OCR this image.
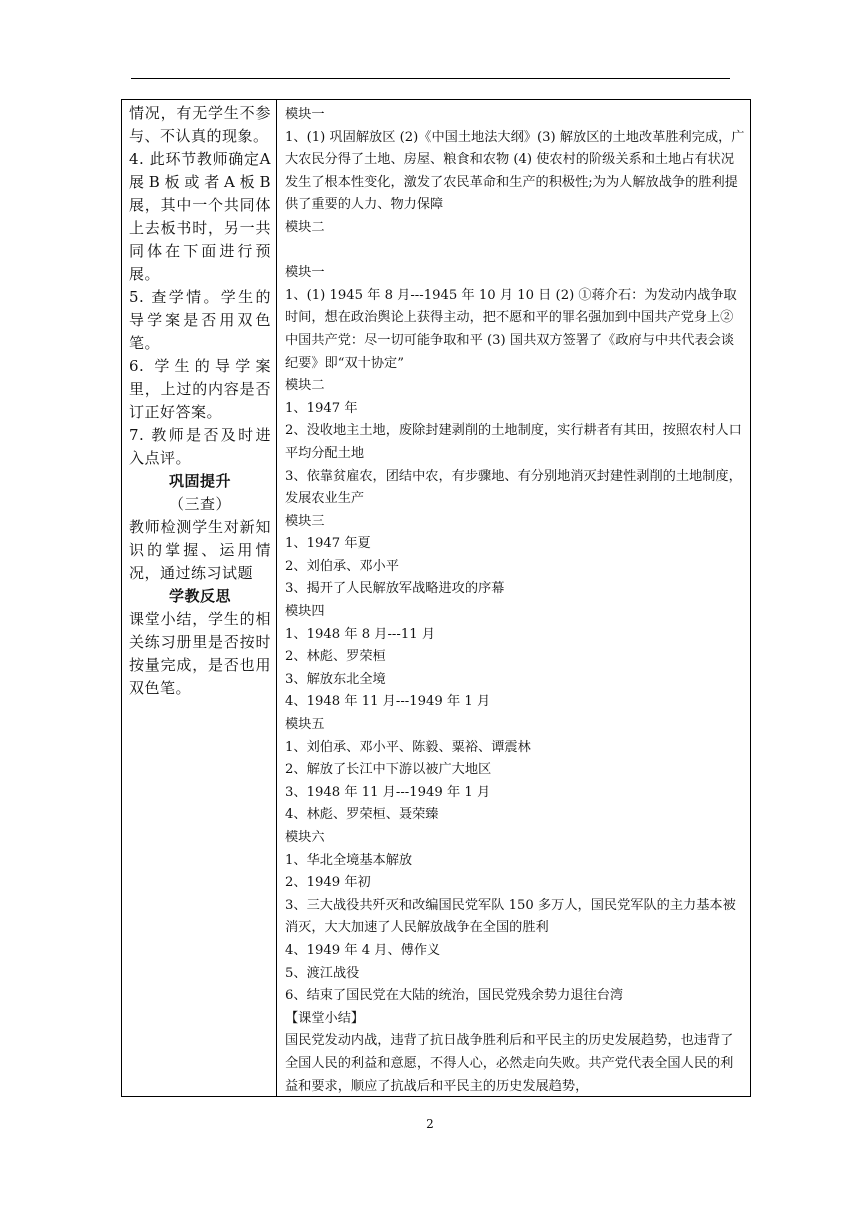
情况，有无学生不参与、不认真的现象。

4. 此环节教师确定A展B板或者A板B展，其中一个共同体上去板书时，另一共同体在下面进行预展。

5. 查学情。学生的导学案是否用双色笔。

6. 学生的导学案里，上过的内容是否订正好答案。

7. 教师是否及时进入点评。

巩固提升

（三查）

教师检测学生对新知识的掌握、运用情况，通过练习试题

学教反思

课堂小结，学生的相关练习册里是否按时按量完成，是否也用双色笔。

模块一

1、(1) 巩固解放区 (2)《中国土地法大纲》(3) 解放区的土地改革胜利完成，广大农民分得了土地、房屋、粮食和农物 (4) 使农村的阶级关系和土地占有状况发生了根本性变化，激发了农民革命和生产的积极性;为为人解放战争的胜利提供了重要的人力、物力保障

模块二

模块一

1、(1) 1945 年 8 月---1945 年 10 月 10 日 (2) ①蒋介石：为发动内战争取时间，想在政治舆论上获得主动，把不愿和平的罪名强加到中国共产党身上②中国共产党：尽一切可能争取和平 (3) 国共双方签署了《政府与中共代表会谈纪要》即“双十协定”

模块二

1、1947 年

2、没收地主土地，废除封建剥削的土地制度，实行耕者有其田，按照农村人口平均分配土地

3、依靠贫雇农，团结中农，有步骤地、有分别地消灭封建性剥削的土地制度，发展农业生产

模块三

1、1947 年夏

2、刘伯承、邓小平

3、揭开了人民解放军战略进攻的序幕

模块四

1、1948 年 8 月---11 月

2、林彪、罗荣桓

3、解放东北全境

4、1948 年 11 月---1949 年 1 月

模块五

1、刘伯承、邓小平、陈毅、粟裕、谭震林

2、解放了长江中下游以被广大地区

3、1948 年 11 月---1949 年 1 月

4、林彪、罗荣桓、聂荣臻

模块六

1、华北全境基本解放

2、1949 年初

3、三大战役共歼灭和改编国民党军队 150 多万人，国民党军队的主力基本被消灭，大大加速了人民解放战争在全国的胜利

4、1949 年 4 月、傅作义

5、渡江战役

6、结束了国民党在大陆的统治，国民党残余势力退往台湾

【课堂小结】

国民党发动内战，违背了抗日战争胜利后和平民主的历史发展趋势，也违背了全国人民的利益和意愿，不得人心，必然走向失败。共产党代表全国人民的利益和要求，顺应了抗战后和平民主的历史发展趋势，

2
